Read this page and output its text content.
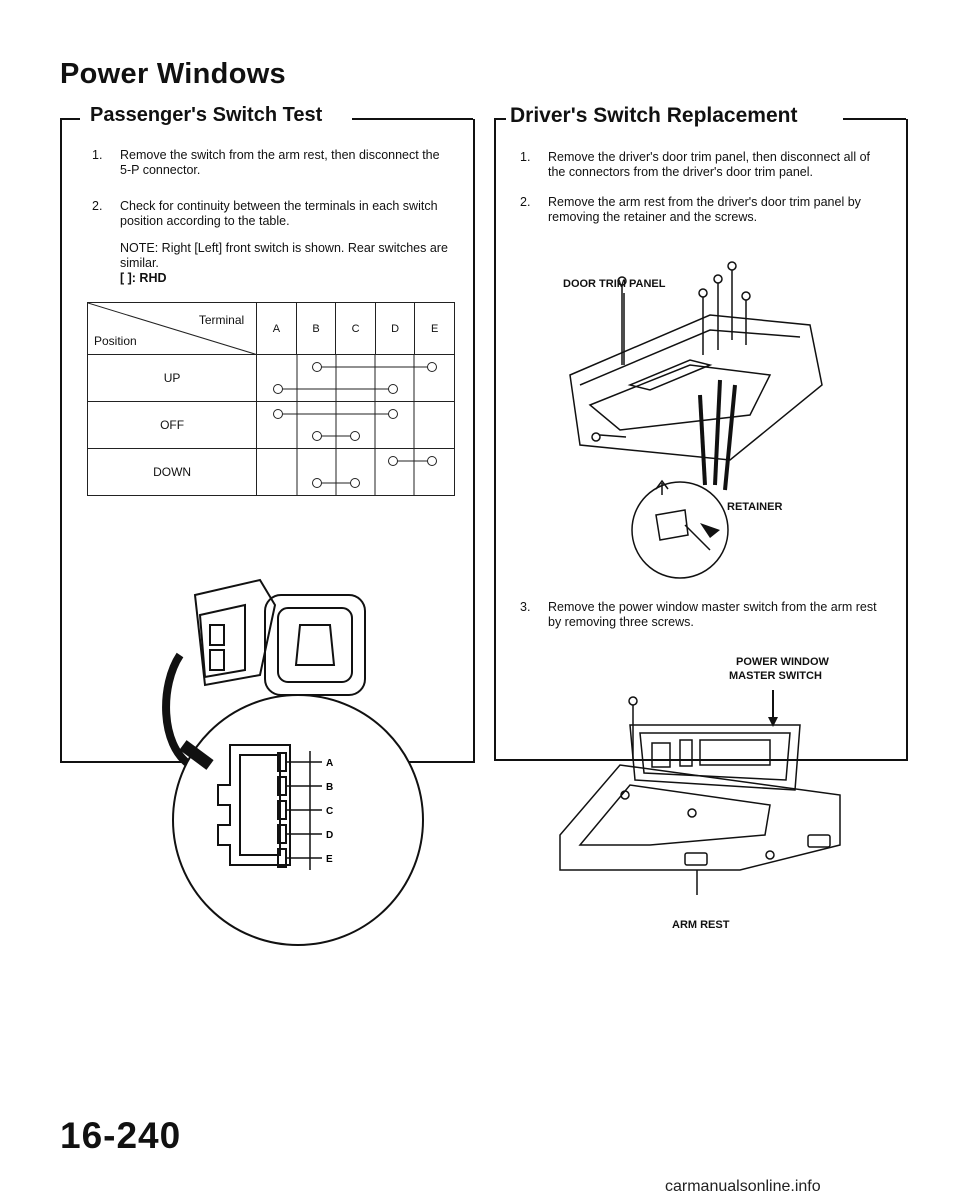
Power Windows
Passenger's Switch Test
1. Remove the switch from the arm rest, then disconnect the 5-P connector.
2. Check for continuity between the terminals in each switch position according to the table.
NOTE: Right [Left] front switch is shown. Rear switches are similar.
[ ]: RHD
Terminal
Position	A	B	C	D	E
UP	

OFF	

DOWN	
A
B
C
D
E
Driver's Switch Replacement
1. Remove the driver's door trim panel, then disconnect all of the connectors from the driver's door trim panel.
2. Remove the arm rest from the driver's door trim panel by removing the retainer and the screws.
DOOR TRIM PANEL
RETAINER
3. Remove the power window master switch from the arm rest by removing three screws.
POWER WINDOW
MASTER SWITCH
ARM REST
16-240
carmanualsonline.info
